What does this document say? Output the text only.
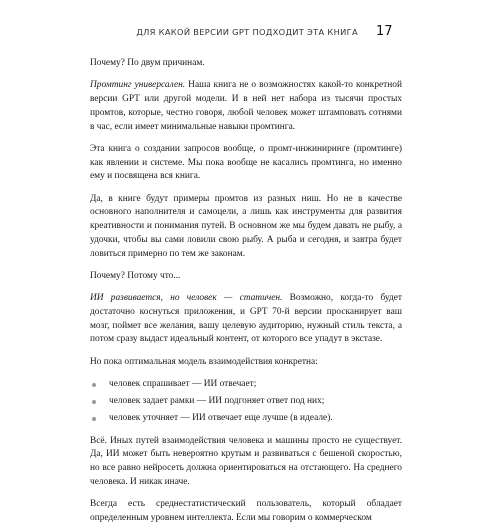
ДЛЯ КАКОЙ ВЕРСИИ GPT ПОДХОДИТ ЭТА КНИГА 17

Почему? По двум причинам.

Промтинг универсален. Наша книга не о возможностях какой-то конкретной версии GPT или другой модели. И в ней нет набора из тысячи простых промтов, которые, честно говоря, любой человек может штамповать сотнями в час, если имеет минимальные навыки промтинга.

Эта книга о создании запросов вообще, о промт-инжиниринге (промтинге) как явлении и системе. Мы пока вообще не касались промтинга, но именно ему и посвящена вся книга.

Да, в книге будут примеры промтов из разных ниш. Но не в качестве основного наполнителя и самоцели, а лишь как инструменты для развития креативности и понимания путей. В основном же мы будем давать не рыбу, а удочки, чтобы вы сами ловили свою рыбу. А рыба и сегодня, и завтра будет ловиться примерно по тем же законам.

Почему? Потому что...

ИИ развивается, но человек — статичен. Возможно, когда-то будет достаточно коснуться приложения, и GPT 70-й версии просканирует ваш мозг, поймет все желания, вашу целевую аудиторию, нужный стиль текста, а потом сразу выдаст идеальный контент, от которого все упадут в экстазе.

Но пока оптимальная модель взаимодействия конкретна:

человек спрашивает — ИИ отвечает;
человек задает рамки — ИИ подгоняет ответ под них;
человек уточняет — ИИ отвечает еще лучше (в идеале).

Всё. Иных путей взаимодействия человека и машины просто не существует. Да, ИИ может быть невероятно крутым и развиваться с бешеной скоростью, но все равно нейросеть должна ориентироваться на отстающего. На среднего человека. И никак иначе.

Всегда есть среднестатистический пользователь, который обладает определенным уровнем интеллекта. Если мы говорим о коммерческом
